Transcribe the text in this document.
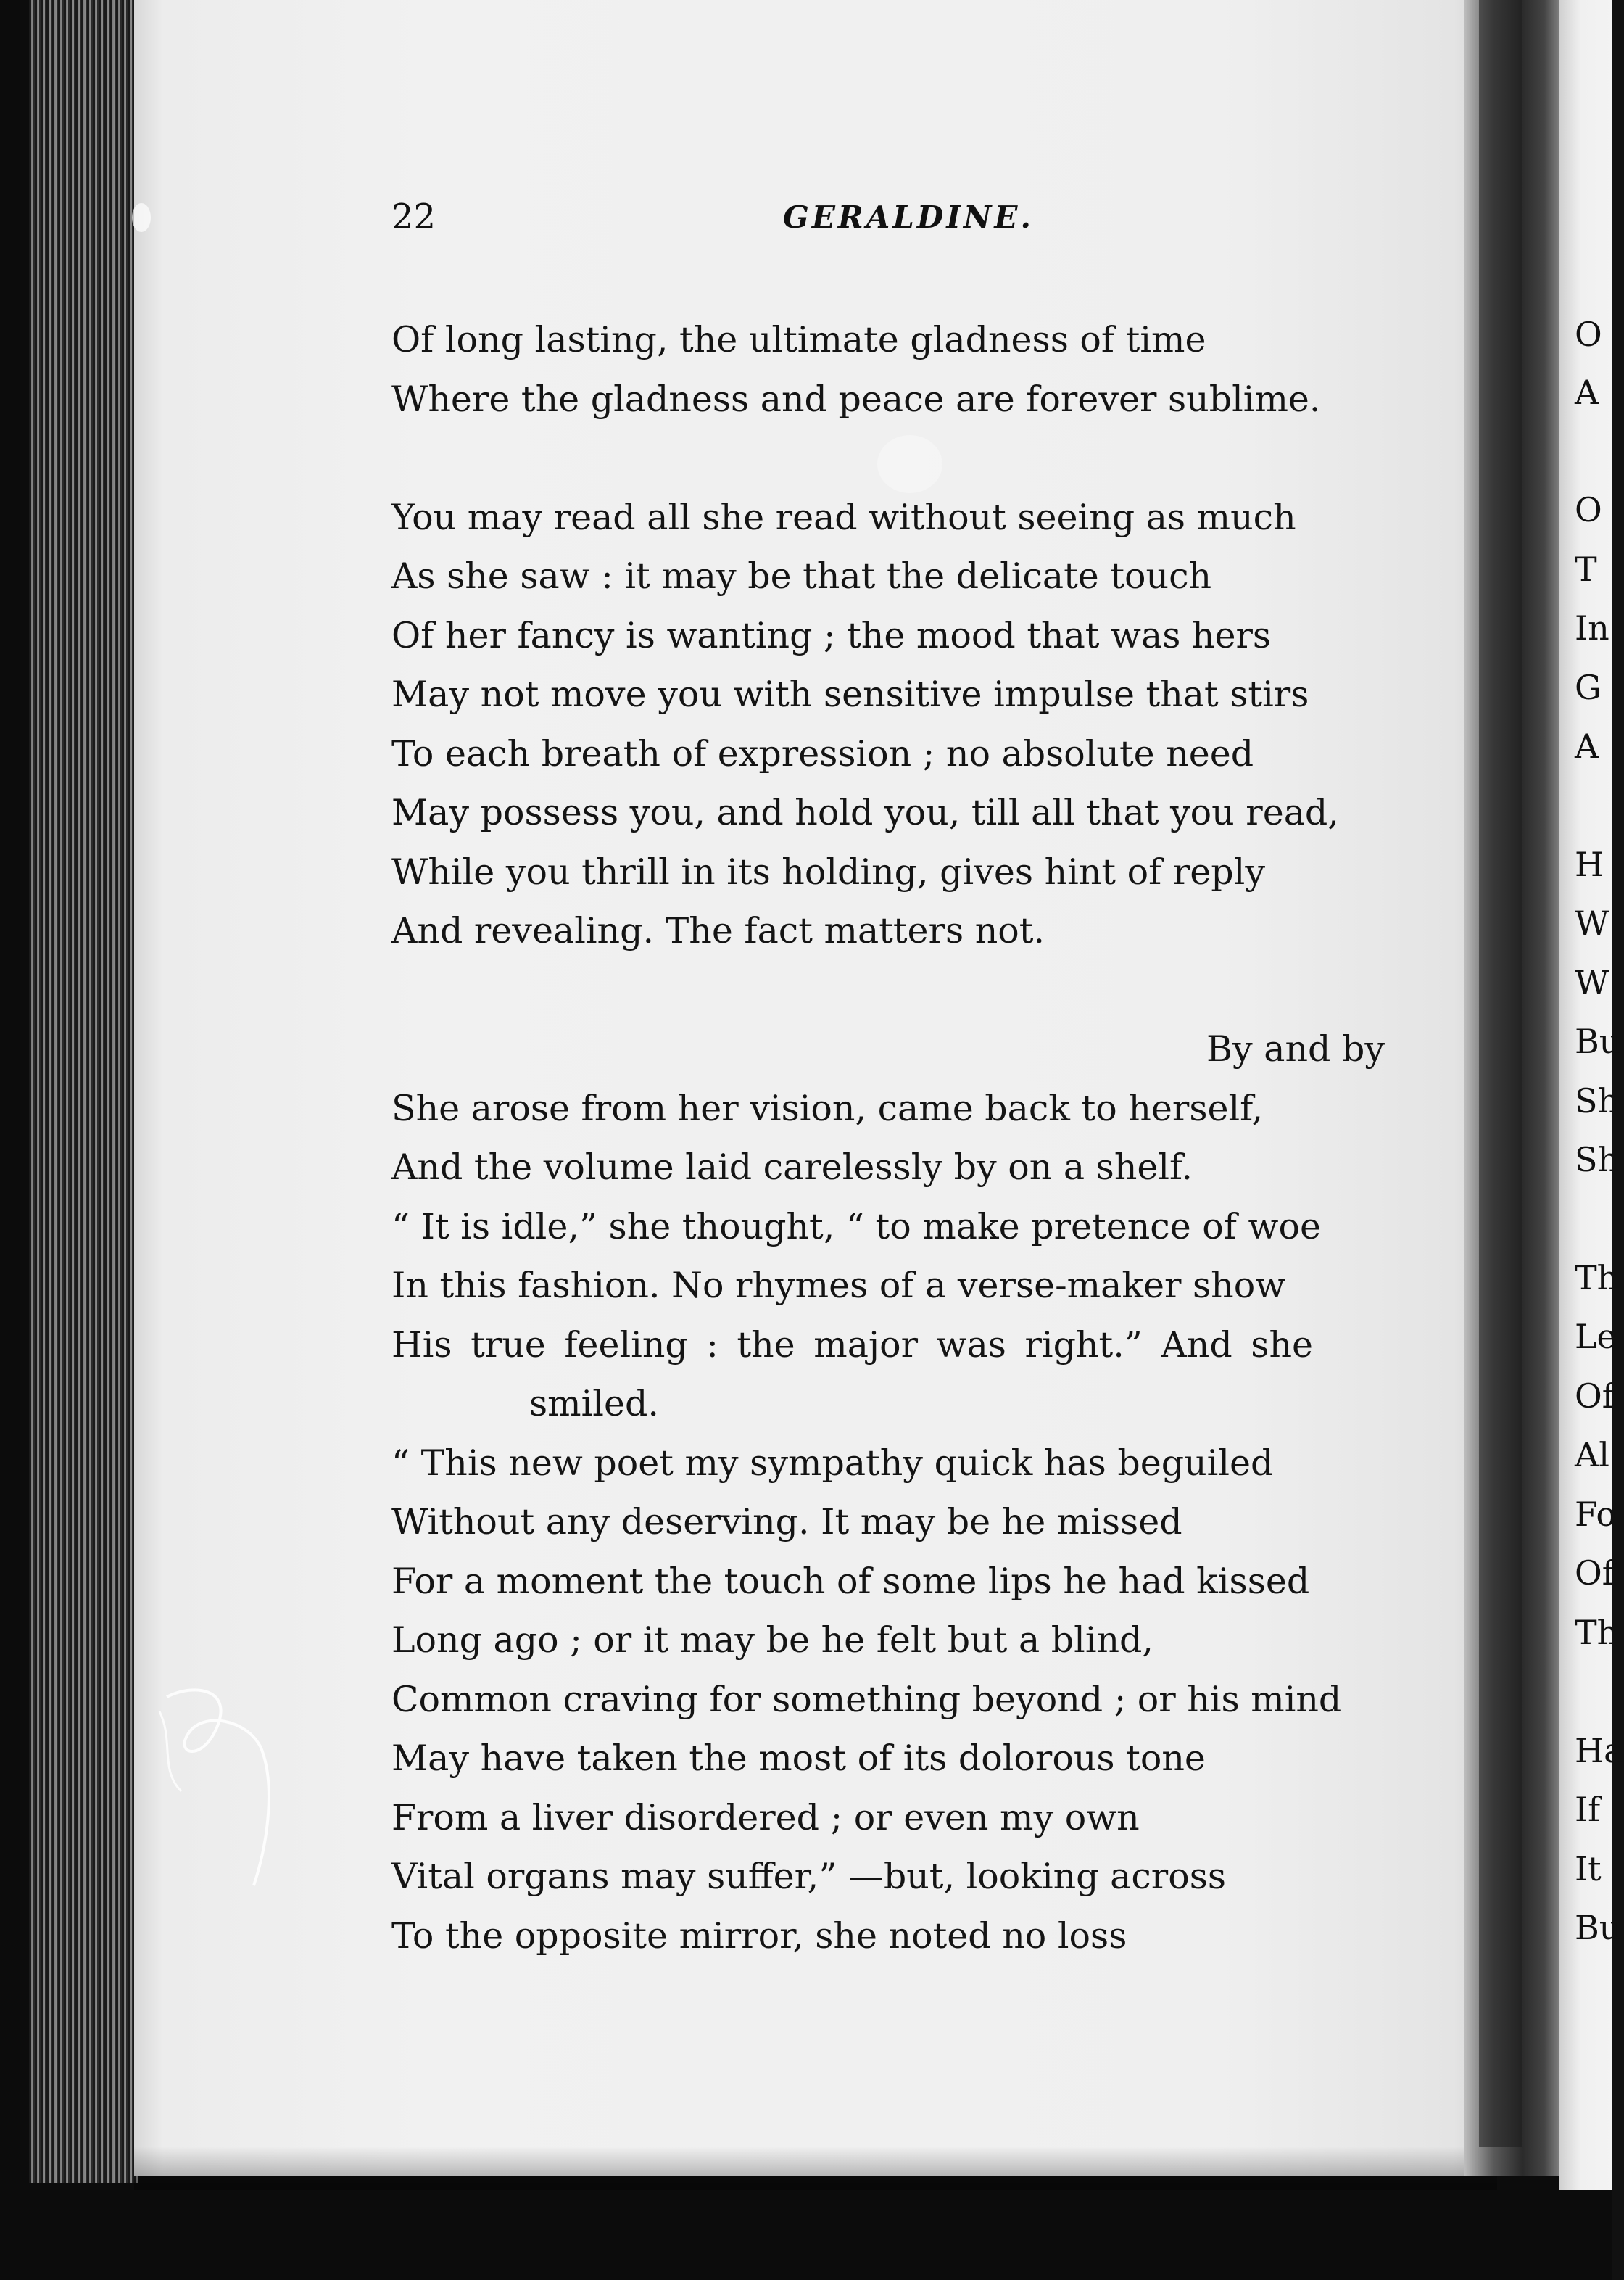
O
A
O
T
In
G
A
H
W
W
Bu
Sh
Sh
Th
Le
Of
Al
Fo
Of
Th
Ha
If
It
Bu
22	GERALDINE.
Of long lasting, the ultimate gladness of time
Where the gladness and peace are forever sublime.
You may read all she read without seeing as much
As she saw : it may be that the delicate touch
Of her fancy is wanting ; the mood that was hers
May not move you with sensitive impulse that stirs
To each breath of expression ; no absolute need
May possess you, and hold you, till all that you read,
While you thrill in its holding, gives hint of reply
And revealing. The fact matters not.
By and by
She arose from her vision, came back to herself,
And the volume laid carelessly by on a shelf.
“ It is idle,” she thought, “ to make pretence of woe
In this fashion. No rhymes of a verse-maker show
His true feeling : the major was right.” And she
smiled.
“ This new poet my sympathy quick has beguiled
Without any deserving. It may be he missed
For a moment the touch of some lips he had kissed
Long ago ; or it may be he felt but a blind,
Common craving for something beyond ; or his mind
May have taken the most of its dolorous tone
From a liver disordered ; or even my own
Vital organs may suffer,” —but, looking across
To the opposite mirror, she noted no loss
